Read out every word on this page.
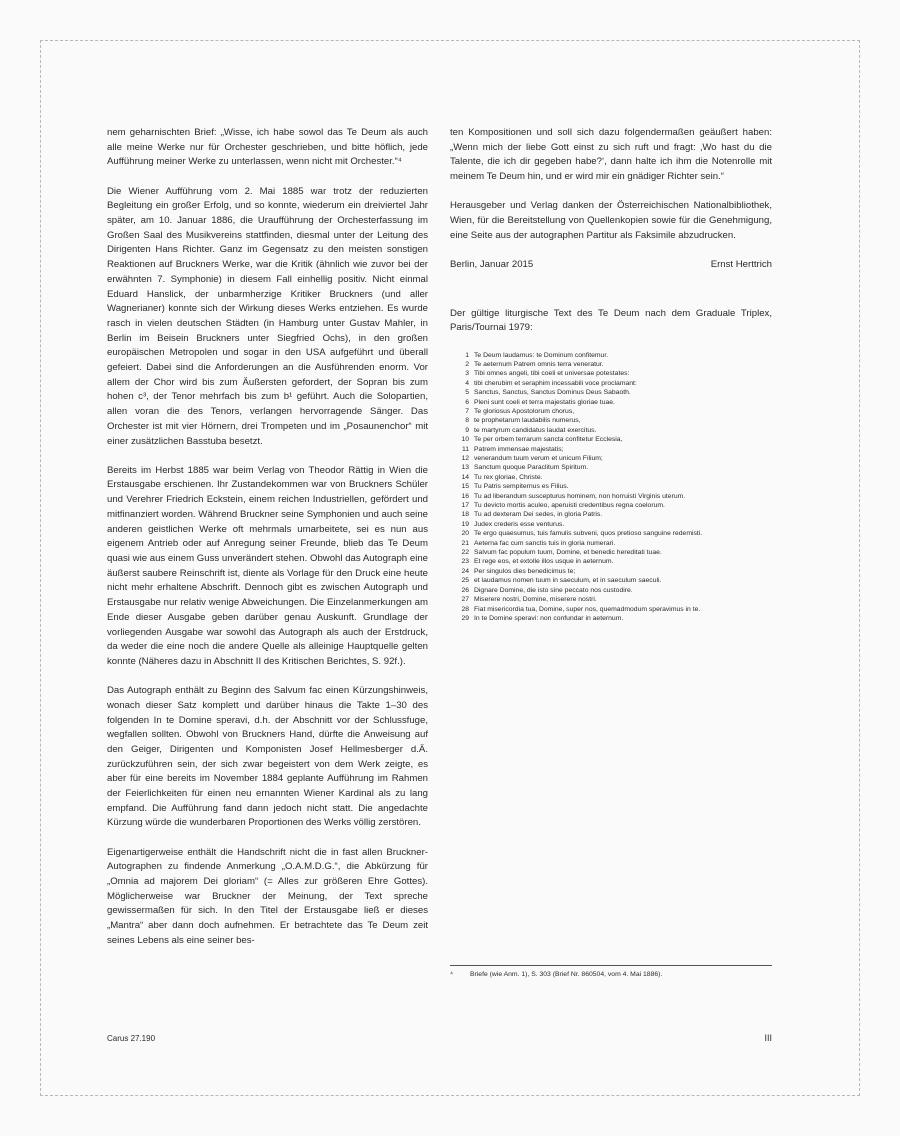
nem geharnischten Brief: „Wisse, ich habe sowol das Te Deum als auch alle meine Werke nur für Orchester geschrieben, und bitte höflich, jede Aufführung meiner Werke zu unterlassen, wenn nicht mit Orchester.“⁴

Die Wiener Aufführung vom 2. Mai 1885 war trotz der reduzierten Begleitung ein großer Erfolg, und so konnte, wiederum ein dreiviertel Jahr später, am 10. Januar 1886, die Uraufführung der Orchesterfassung im Großen Saal des Musikvereins stattfinden, diesmal unter der Leitung des Dirigenten Hans Richter. Ganz im Gegensatz zu den meisten sonstigen Reaktionen auf Bruckners Werke, war die Kritik (ähnlich wie zuvor bei der erwähnten 7. Symphonie) in diesem Fall einhellig positiv. Nicht einmal Eduard Hanslick, der unbarmherzige Kritiker Bruckners (und aller Wagnerianer) konnte sich der Wirkung dieses Werks entziehen. Es wurde rasch in vielen deutschen Städten (in Hamburg unter Gustav Mahler, in Berlin im Beisein Bruckners unter Siegfried Ochs), in den großen europäischen Metropolen und sogar in den USA aufgeführt und überall gefeiert. Dabei sind die Anforderungen an die Ausführenden enorm. Vor allem der Chor wird bis zum Äußersten gefordert, der Sopran bis zum hohen c³, der Tenor mehrfach bis zum b¹ geführt. Auch die Solopartien, allen voran die des Tenors, verlangen hervorragende Sänger. Das Orchester ist mit vier Hörnern, drei Trompeten und im „Posaunenchor“ mit einer zusätzlichen Basstuba besetzt.

Bereits im Herbst 1885 war beim Verlag von Theodor Rättig in Wien die Erstausgabe erschienen. Ihr Zustandekommen war von Bruckners Schüler und Verehrer Friedrich Eckstein, einem reichen Industriellen, gefördert und mitfinanziert worden. Während Bruckner seine Symphonien und auch seine anderen geistlichen Werke oft mehrmals umarbeitete, sei es nun aus eigenem Antrieb oder auf Anregung seiner Freunde, blieb das Te Deum quasi wie aus einem Guss unverändert stehen. Obwohl das Autograph eine äußerst saubere Reinschrift ist, diente als Vorlage für den Druck eine heute nicht mehr erhaltene Abschrift. Dennoch gibt es zwischen Autograph und Erstausgabe nur relativ wenige Abweichungen. Die Einzelanmerkungen am Ende dieser Ausgabe geben darüber genau Auskunft. Grundlage der vorliegenden Ausgabe war sowohl das Autograph als auch der Erstdruck, da weder die eine noch die andere Quelle als alleinige Hauptquelle gelten konnte (Näheres dazu in Abschnitt II des Kritischen Berichtes, S. 92f.).

Das Autograph enthält zu Beginn des Salvum fac einen Kürzungshinweis, wonach dieser Satz komplett und darüber hinaus die Takte 1–30 des folgenden In te Domine speravi, d.h. der Abschnitt vor der Schlussfuge, wegfallen sollten. Obwohl von Bruckners Hand, dürfte die Anweisung auf den Geiger, Dirigenten und Komponisten Josef Hellmesberger d.Ä. zurückzuführen sein, der sich zwar begeistert von dem Werk zeigte, es aber für eine bereits im November 1884 geplante Aufführung im Rahmen der Feierlichkeiten für einen neu ernannten Wiener Kardinal als zu lang empfand. Die Aufführung fand dann jedoch nicht statt. Die angedachte Kürzung würde die wunderbaren Proportionen des Werks völlig zerstören.

Eigenartigerweise enthält die Handschrift nicht die in fast allen Bruckner-Autographen zu findende Anmerkung „O.A.M.D.G.“, die Abkürzung für „Omnia ad majorem Dei gloriam“ (= Alles zur größeren Ehre Gottes). Möglicherweise war Bruckner der Meinung, der Text spreche gewissermaßen für sich. In den Titel der Erstausgabe ließ er dieses „Mantra“ aber dann doch aufnehmen. Er betrachtete das Te Deum zeit seines Lebens als eine seiner bes-

ten Kompositionen und soll sich dazu folgendermaßen geäußert haben: „Wenn mich der liebe Gott einst zu sich ruft und fragt: ‚Wo hast du die Talente, die ich dir gegeben habe?‘, dann halte ich ihm die Notenrolle mit meinem Te Deum hin, und er wird mir ein gnädiger Richter sein.“

Herausgeber und Verlag danken der Österreichischen Nationalbibliothek, Wien, für die Bereitstellung von Quellenkopien sowie für die Genehmigung, eine Seite aus der autographen Partitur als Faksimile abzudrucken.

Berlin, Januar 2015	Ernst Herttrich

Der gültige liturgische Text des Te Deum nach dem Graduale Triplex, Paris/Tournai 1979:

1 Te Deum laudamus: te Dominum confitemur.
2 Te aeternum Patrem omnis terra veneratur.
3 Tibi omnes angeli, tibi coeli et universae potestates:
4 tibi cherubim et seraphim incessabili voce proclamant:
5 Sanctus, Sanctus, Sanctus Dominus Deus Sabaoth.
6 Pleni sunt coeli et terra majestatis gloriae tuae.
7 Te gloriosus Apostolorum chorus,
8 te prophetarum laudabilis numerus,
9 te martyrum candidatus laudat exercitus.
10 Te per orbem terrarum sancta confitetur Ecclesia,
11 Patrem immensae majestatis;
12 venerandum tuum verum et unicum Filium;
13 Sanctum quoque Paraclitum Spiritum.
14 Tu rex gloriae, Christe.
15 Tu Patris sempiternus es Filius.
16 Tu ad liberandum suscepturus hominem, non horruisti Virginis uterum.
17 Tu devicto mortis aculeo, aperuisti credentibus regna coelorum.
18 Tu ad dexteram Dei sedes, in gloria Patris.
19 Judex crederis esse venturus.
20 Te ergo quaesumus, tuis famulis subveni, quos pretioso sanguine redemisti.
21 Aeterna fac cum sanctis tuis in gloria numerari.
22 Salvum fac populum tuum, Domine, et benedic hereditati tuae.
23 Et rege eos, et extolle illos usque in aeternum.
24 Per singulos dies benedicimus te;
25 et laudamus nomen tuum in saeculum, et in saeculum saeculi.
26 Dignare Domine, die isto sine peccato nos custodire.
27 Miserere nostri, Domine, miserere nostri.
28 Fiat misericordia tua, Domine, super nos, quemadmodum speravimus in te.
29 In te Domine speravi: non confundar in aeternum.
⁴	Briefe (wie Anm. 1), S. 303 (Brief Nr. 860504, vom 4. Mai 1886).
Carus 27.190	III
